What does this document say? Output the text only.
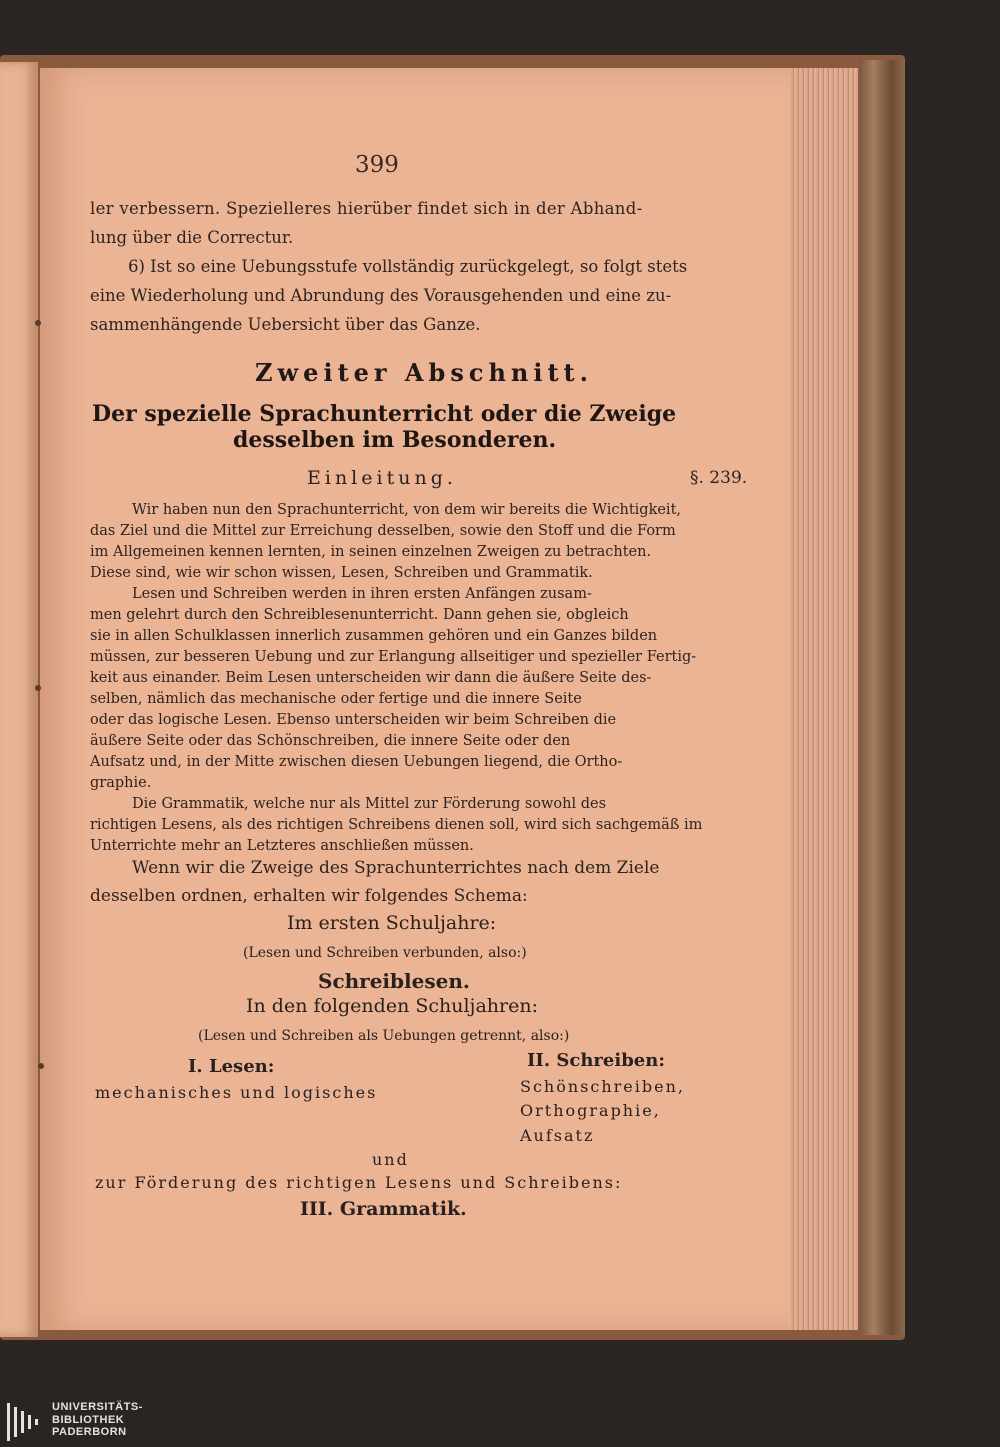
399
ler verbessern. Spezielleres hierüber findet sich in der Abhand-
lung über die Correctur.
6) Ist so eine Uebungsstufe vollständig zurückgelegt, so folgt stets
eine Wiederholung und Abrundung des Vorausgehenden und eine zu-
sammenhängende Uebersicht über das Ganze.
Zweiter Abschnitt.
Der spezielle Sprachunterricht oder die Zweige
desselben im Besonderen.
Einleitung.	§. 239.
Wir haben nun den Sprachunterricht, von dem wir bereits die Wichtigkeit,
das Ziel und die Mittel zur Erreichung desselben, sowie den Stoff und die Form
im Allgemeinen kennen lernten, in seinen einzelnen Zweigen zu betrachten.
Diese sind, wie wir schon wissen, Lesen, Schreiben und Grammatik.
Lesen und Schreiben werden in ihren ersten Anfängen zusam-
men gelehrt durch den Schreiblesenunterricht. Dann gehen sie, obgleich
sie in allen Schulklassen innerlich zusammen gehören und ein Ganzes bilden
müssen, zur besseren Uebung und zur Erlangung allseitiger und spezieller Fertig-
keit aus einander. Beim Lesen unterscheiden wir dann die äußere Seite des-
selben, nämlich das mechanische oder fertige und die innere Seite
oder das logische Lesen. Ebenso unterscheiden wir beim Schreiben die
äußere Seite oder das Schönschreiben, die innere Seite oder den
Aufsatz und, in der Mitte zwischen diesen Uebungen liegend, die Ortho-
graphie.
Die Grammatik, welche nur als Mittel zur Förderung sowohl des
richtigen Lesens, als des richtigen Schreibens dienen soll, wird sich sachgemäß im
Unterrichte mehr an Letzteres anschließen müssen.
Wenn wir die Zweige des Sprachunterrichtes nach dem Ziele
desselben ordnen, erhalten wir folgendes Schema:
Im ersten Schuljahre:
(Lesen und Schreiben verbunden, also:)
Schreiblesen.
In den folgenden Schuljahren:
(Lesen und Schreiben als Uebungen getrennt, also:)
I. Lesen:
mechanisches und logisches
II. Schreiben:
Schönschreiben,
Orthographie,
Aufsatz
und
zur Förderung des richtigen Lesens und Schreibens:
III. Grammatik.
UNIVERSITÄTS-
BIBLIOTHEK
PADERBORN
